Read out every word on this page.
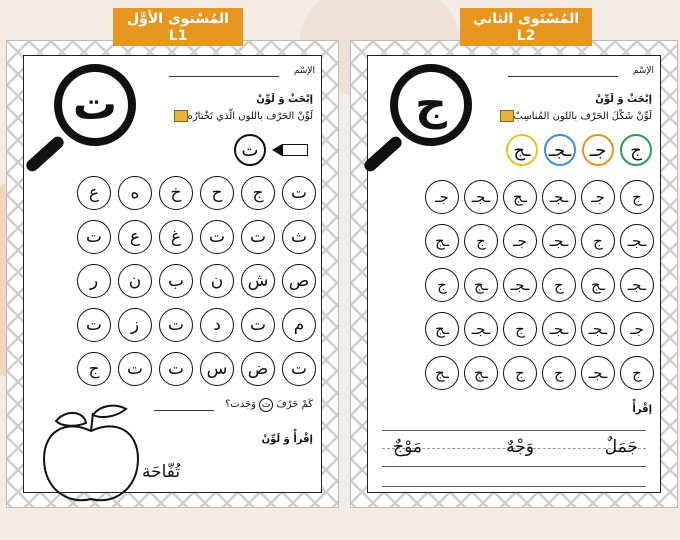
المُسْتوى الأوَّل
L1
ت
الإسْم
إبْحَثْ وَ لَوِّنْ
لَوِّنْ الحَرْف باللون الّذي تَخْتارُه
ت
ت
ج
ح
خ
ه
ع
ث
ت
ت
غ
ع
ت
ص
ش
ن
ب
ن
ر
م
ت
د
ت
ز
ت
ت
ض
س
ت
ت
ج
كَمْ حَرْفَ ت وَجَدت؟
إقْرأْ وَ لَوِّنْ
تُفّاحَة
المُسْتَوى الثاني
L2
ج
الإسْم
إبْحَثْ وَ لَوِّنْ
لَوِّنْ شَكْلَ الحَرْف باللون المُناسِبْ
ج
جـ
ـجـ
ـج
ج
جـ
ـجـ
ـج
ـجـ
جـ
ـجـ
ج
ـجـ
جـ
ج
ـج
ـجـ
ـج
ج
ـجـ
ـج
ج
جـ
ـجـ
ـجـ
ج
ـجـ
ـج
ج
ـجـ
ج
ج
ـج
ـج
إقْرأْ
جَمَلٌ
وَجْهٌ
مَوْجٌ
